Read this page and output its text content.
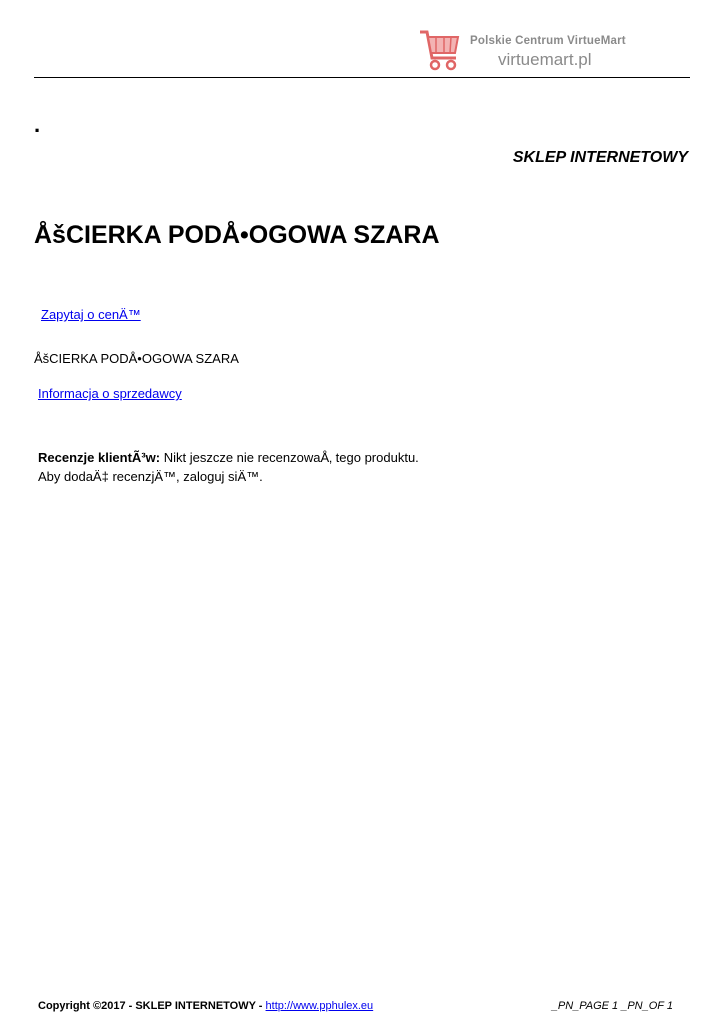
Polskie Centrum VirtueMart
virtuemart.pl
.
SKLEP INTERNETOWY
ÅšCIERKA PODÅ•OGOWA SZARA
Zapytaj o cenÄ™
ÅšCIERKA PODÅ•OGOWA SZARA
Informacja o sprzedawcy
Recenzje klientÃ³w: Nikt jeszcze nie recenzowaÅ‚ tego produktu.
Aby dodaÄ‡ recenzjÄ™, zaloguj siÄ™.
Copyright ©2017 - SKLEP INTERNETOWY - http://www.pphulex.eu	_PN_PAGE 1 _PN_OF 1
